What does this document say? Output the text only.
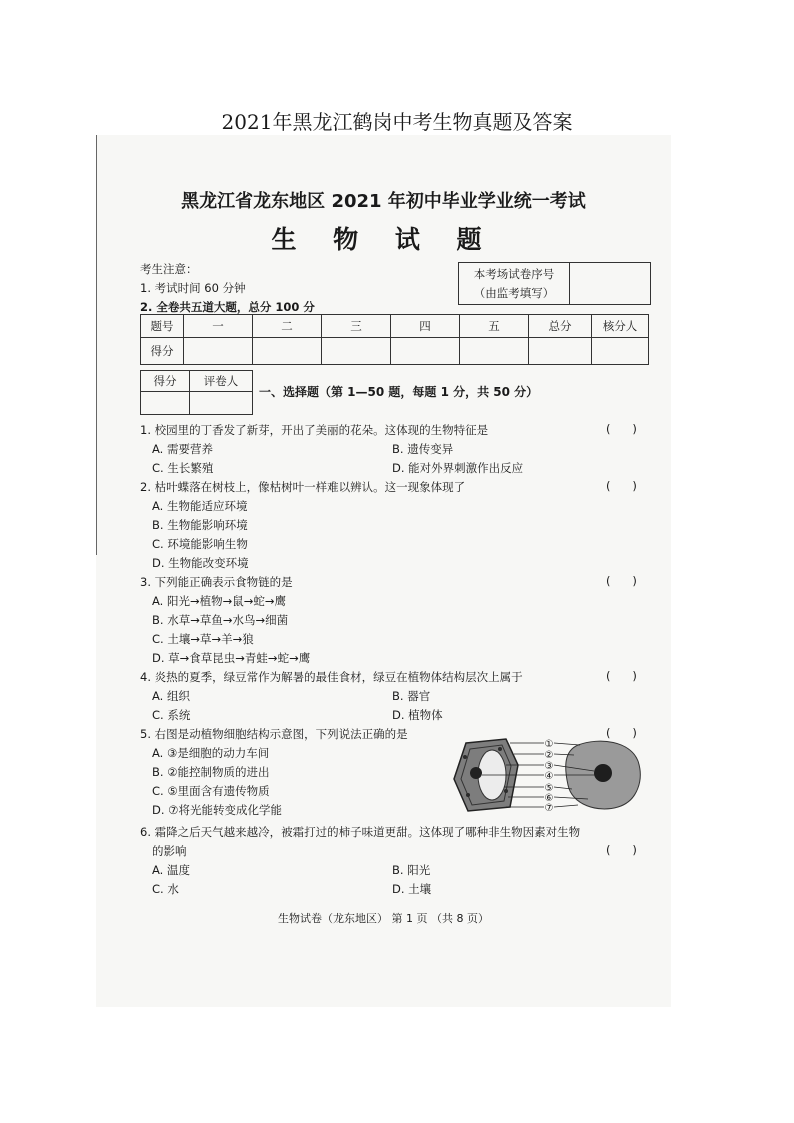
2021年黑龙江鹤岗中考生物真题及答案
黑龙江省龙东地区 2021 年初中毕业学业统一考试
生 物 试 题
考生注意：
1. 考试时间 60 分钟
2. 全卷共五道大题，总分 100 分
本考场试卷序号
（由监考填写）

题号	一	二	三	四	五	总分	核分人
得分							
得分	评卷人

一、选择题（第 1—50 题，每题 1 分，共 50 分）
1. 校园里的丁香发了新芽，开出了美丽的花朵。这体现的生物特征是	(      )
A. 需要营养	B. 遗传变异
C. 生长繁殖	D. 能对外界刺激作出反应
2. 枯叶蝶落在树枝上，像枯树叶一样难以辨认。这一现象体现了	(      )
A. 生物能适应环境
B. 生物能影响环境
C. 环境能影响生物
D. 生物能改变环境
3. 下列能正确表示食物链的是	(      )
A. 阳光→植物→鼠→蛇→鹰
B. 水草→草鱼→水鸟→细菌
C. 土壤→草→羊→狼
D. 草→食草昆虫→青蛙→蛇→鹰
4. 炎热的夏季，绿豆常作为解暑的最佳食材，绿豆在植物体结构层次上属于	(      )
A. 组织	B. 器官
C. 系统	D. 植物体
5. 右图是动植物细胞结构示意图，下列说法正确的是	(      )
A. ③是细胞的动力车间
B. ②能控制物质的进出
C. ⑤里面含有遗传物质
D. ⑦将光能转变成化学能
①
②
③
④
⑤
⑥
⑦
6. 霜降之后天气越来越冷，被霜打过的柿子味道更甜。这体现了哪种非生物因素对生物
的影响	(      )
A. 温度	B. 阳光
C. 水	D. 土壤
生物试卷（龙东地区） 第 1 页 （共 8 页）
